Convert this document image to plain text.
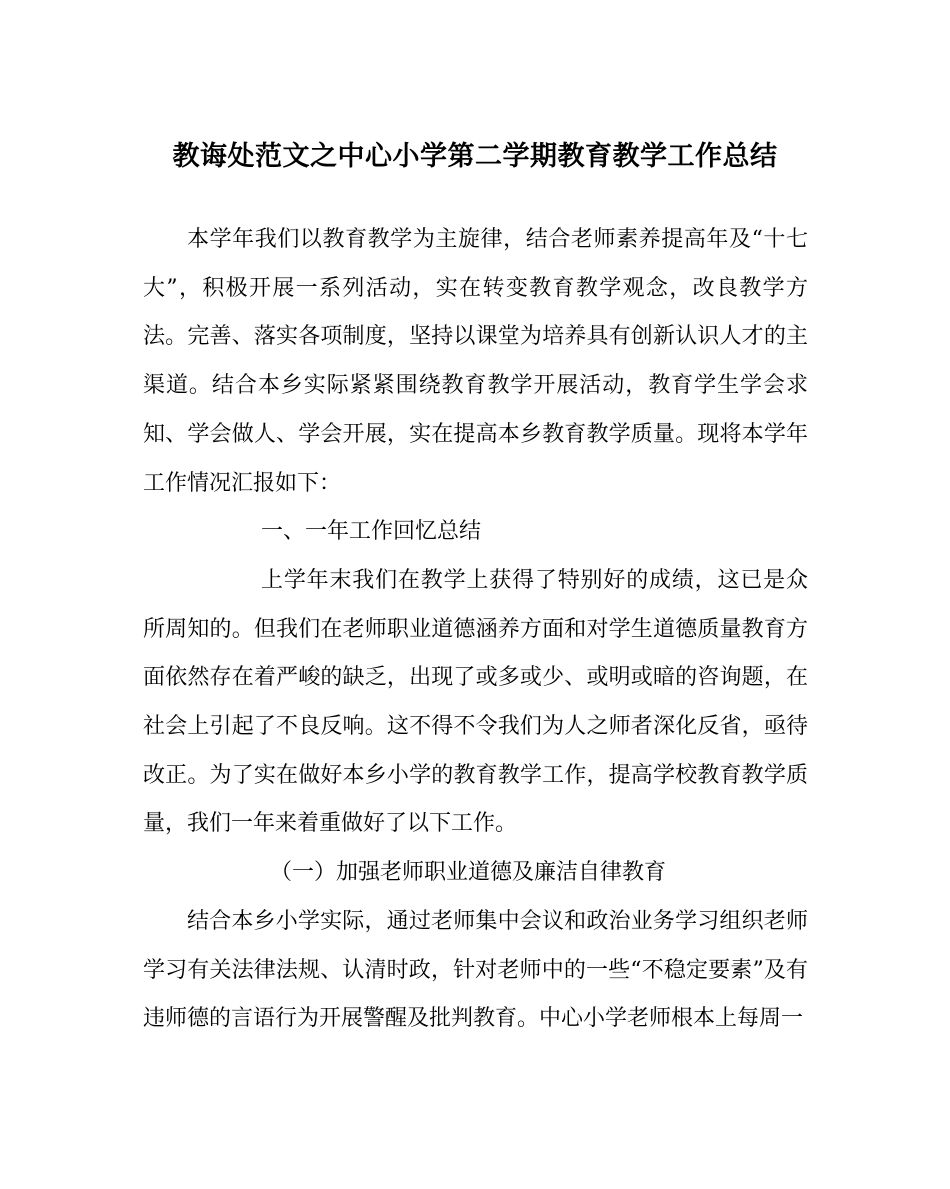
教诲处范文之中心小学第二学期教育教学工作总结

本学年我们以教育教学为主旋律，结合老师素养提高年及“十七大”，积极开展一系列活动，实在转变教育教学观念，改良教学方法。完善、落实各项制度，坚持以课堂为培养具有创新认识人才的主渠道。结合本乡实际紧紧围绕教育教学开展活动，教育学生学会求知、学会做人、学会开展，实在提高本乡教育教学质量。现将本学年工作情况汇报如下：

一、一年工作回忆总结

上学年末我们在教学上获得了特别好的成绩，这已是众所周知的。但我们在老师职业道德涵养方面和对学生道德质量教育方面依然存在着严峻的缺乏，出现了或多或少、或明或暗的咨询题，在社会上引起了不良反响。这不得不令我们为人之师者深化反省，亟待改正。为了实在做好本乡小学的教育教学工作，提高学校教育教学质量，我们一年来着重做好了以下工作。

（一）加强老师职业道德及廉洁自律教育

结合本乡小学实际，通过老师集中会议和政治业务学习组织老师学习有关法律法规、认清时政，针对老师中的一些“不稳定要素”及有违师德的言语行为开展警醒及批判教育。中心小学老师根本上每周一
